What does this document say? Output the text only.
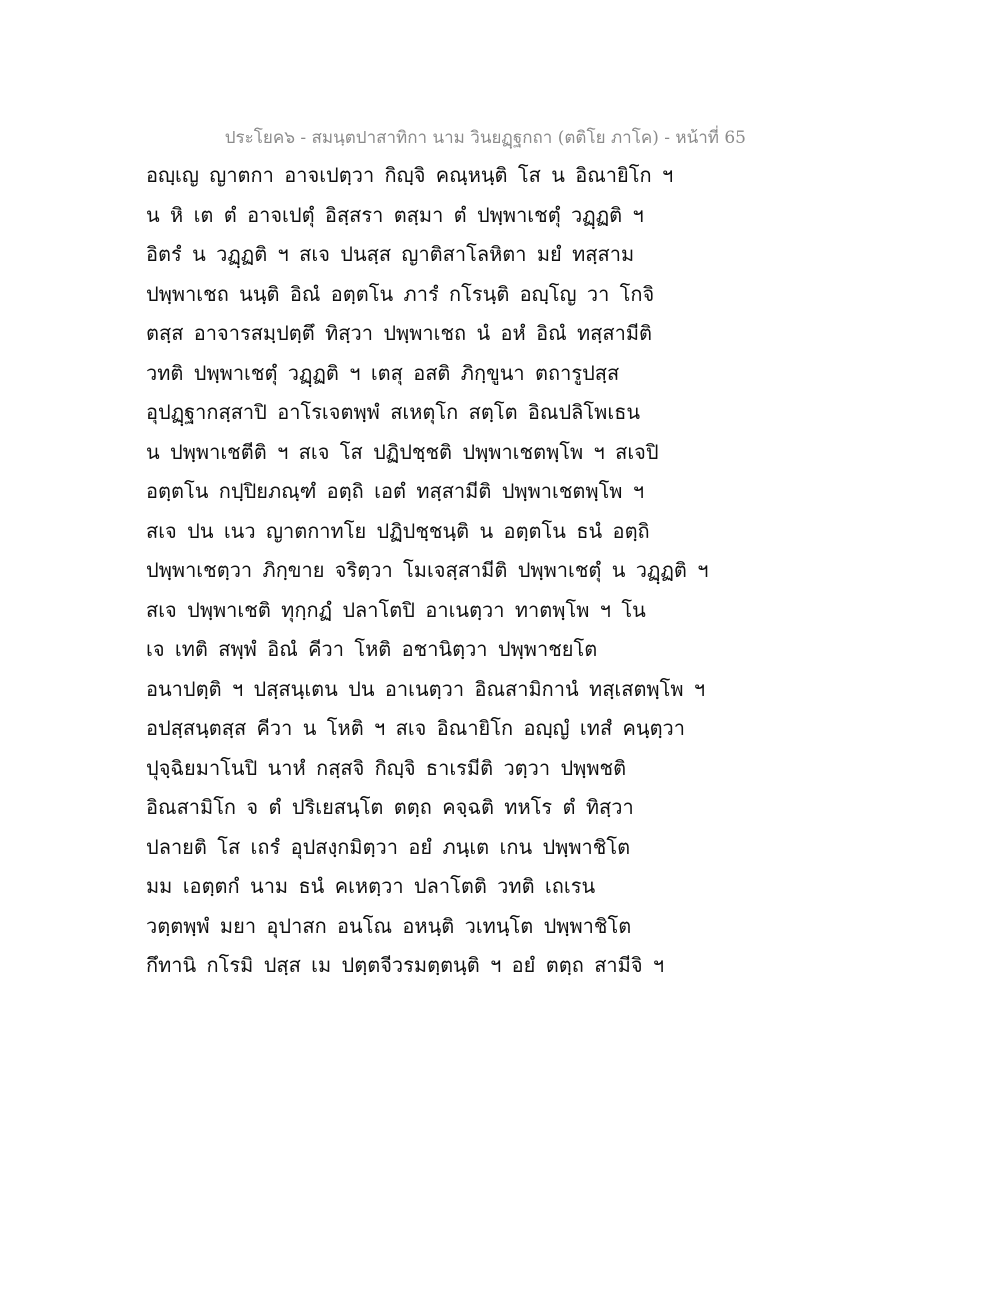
ประโยค๖ - สมนฺตปาสาทิกา นาม วินยฏฺฐกถา (ตติโย ภาโค) - หน้าที่ 65
อญฺเญ ญาตกา อาจเปตฺวา กิญฺจิ คณฺหนฺติ โส น อิณายิโก ฯ
น หิ เต ตํ อาจเปตุํ อิสฺสรา ตสฺมา ตํ ปพฺพาเชตุํ วฏฺฏติ ฯ
อิตรํ น วฏฺฏติ ฯ สเจ ปนสฺส ญาติสาโลหิตา มยํ ทสฺสาม
ปพฺพาเชถ นนฺติ อิณํ อตฺตโน ภารํ กโรนฺติ อญฺโญ วา โกจิ
ตสฺส อาจารสมฺปตฺตึ ทิสฺวา ปพฺพาเชถ นํ อหํ อิณํ ทสฺสามีติ
วทติ ปพฺพาเชตุํ วฏฺฏติ ฯ เตสุ อสติ ภิกฺขูนา ตถารูปสฺส
อุปฏฺฐากสฺสาปิ อาโรเจตพฺพํ สเหตุโก สตฺโต อิณปลิโพเธน
น ปพฺพาเชตีติ ฯ สเจ โส ปฏิปชฺชติ ปพฺพาเชตพฺโพ ฯ สเจปิ
อตฺตโน กปฺปิยภณฺฑํ อตฺถิ เอตํ ทสฺสามีติ ปพฺพาเชตพฺโพ ฯ
สเจ ปน เนว ญาตกาทโย ปฏิปชฺชนฺติ น อตฺตโน ธนํ อตฺถิ
ปพฺพาเชตฺวา ภิกฺขาย จริตฺวา โมเจสฺสามีติ ปพฺพาเชตุํ น วฏฺฏติ ฯ
สเจ ปพฺพาเชติ ทุกฺกฏํ ปลาโตปิ อาเนตฺวา ทาตพฺโพ ฯ โน
เจ เทติ สพฺพํ อิณํ คีวา โหติ อชานิตฺวา ปพฺพาชยโต
อนาปตฺติ ฯ ปสฺสนฺเตน ปน อาเนตฺวา อิณสามิกานํ ทสฺเสตพฺโพ ฯ
อปสฺสนฺตสฺส คีวา น โหติ ฯ สเจ อิณายิโก อญฺญํ เทสํ คนฺตฺวา
ปุจฺฉิยมาโนปิ นาหํ กสฺสจิ กิญฺจิ ธาเรมีติ วตฺวา ปพฺพชติ
อิณสามิโก จ ตํ ปริเยสนฺโต ตตฺถ คจฺฉติ ทหโร ตํ ทิสฺวา
ปลายติ โส เถรํ อุปสงฺกมิตฺวา อยํ ภนฺเต เกน ปพฺพาชิโต
มม เอตฺตกํ นาม ธนํ คเหตฺวา ปลาโตติ วทติ เถเรน
วตฺตพฺพํ มยา อุปาสก อนโณ อหนฺติ วเทนฺโต ปพฺพาชิโต
กึทานิ กโรมิ ปสฺส เม ปตฺตจีวรมตฺตนฺติ ฯ อยํ ตตฺถ สามีจิ ฯ
